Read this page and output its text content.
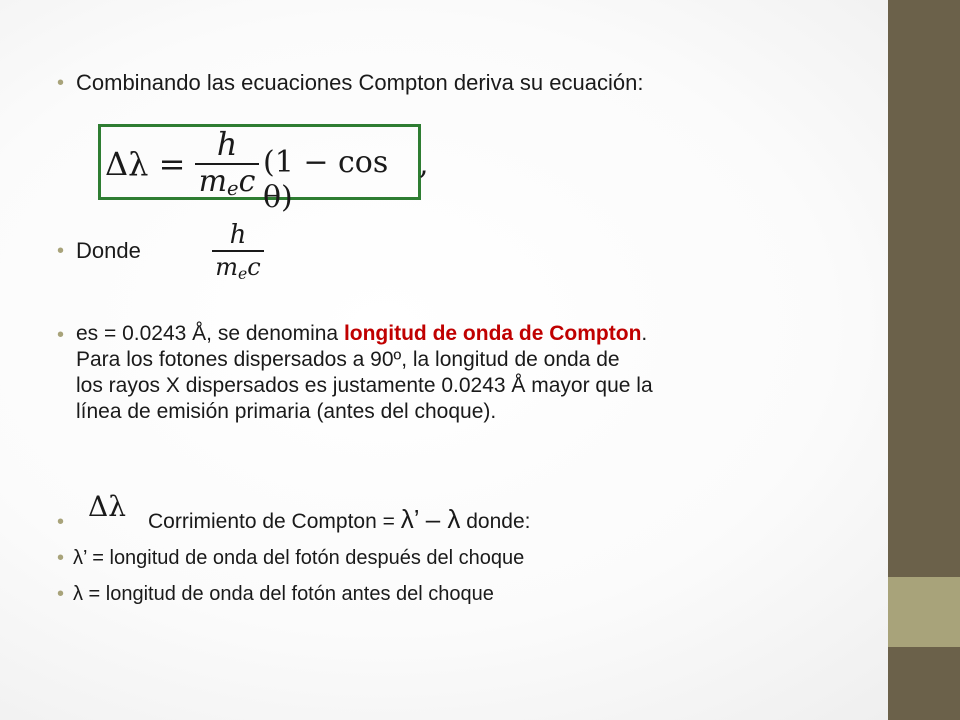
• Combinando las ecuaciones Compton deriva su ecuación:
Δλ =
h
$m_ec$
(1 − cos θ)
,
• Donde
h
$m_ec$
• es = 0.0243 Å, se denomina longitud de onda de Compton.
Para los fotones dispersados a 90º, la longitud de onda de
los rayos X dispersados es justamente 0.0243 Å mayor que la
línea de emisión primaria (antes del choque).
• Δλ Corrimiento de Compton = λ’ – λ donde:
• λ’ = longitud de onda del fotón después del choque
• λ = longitud de onda del fotón antes del choque
